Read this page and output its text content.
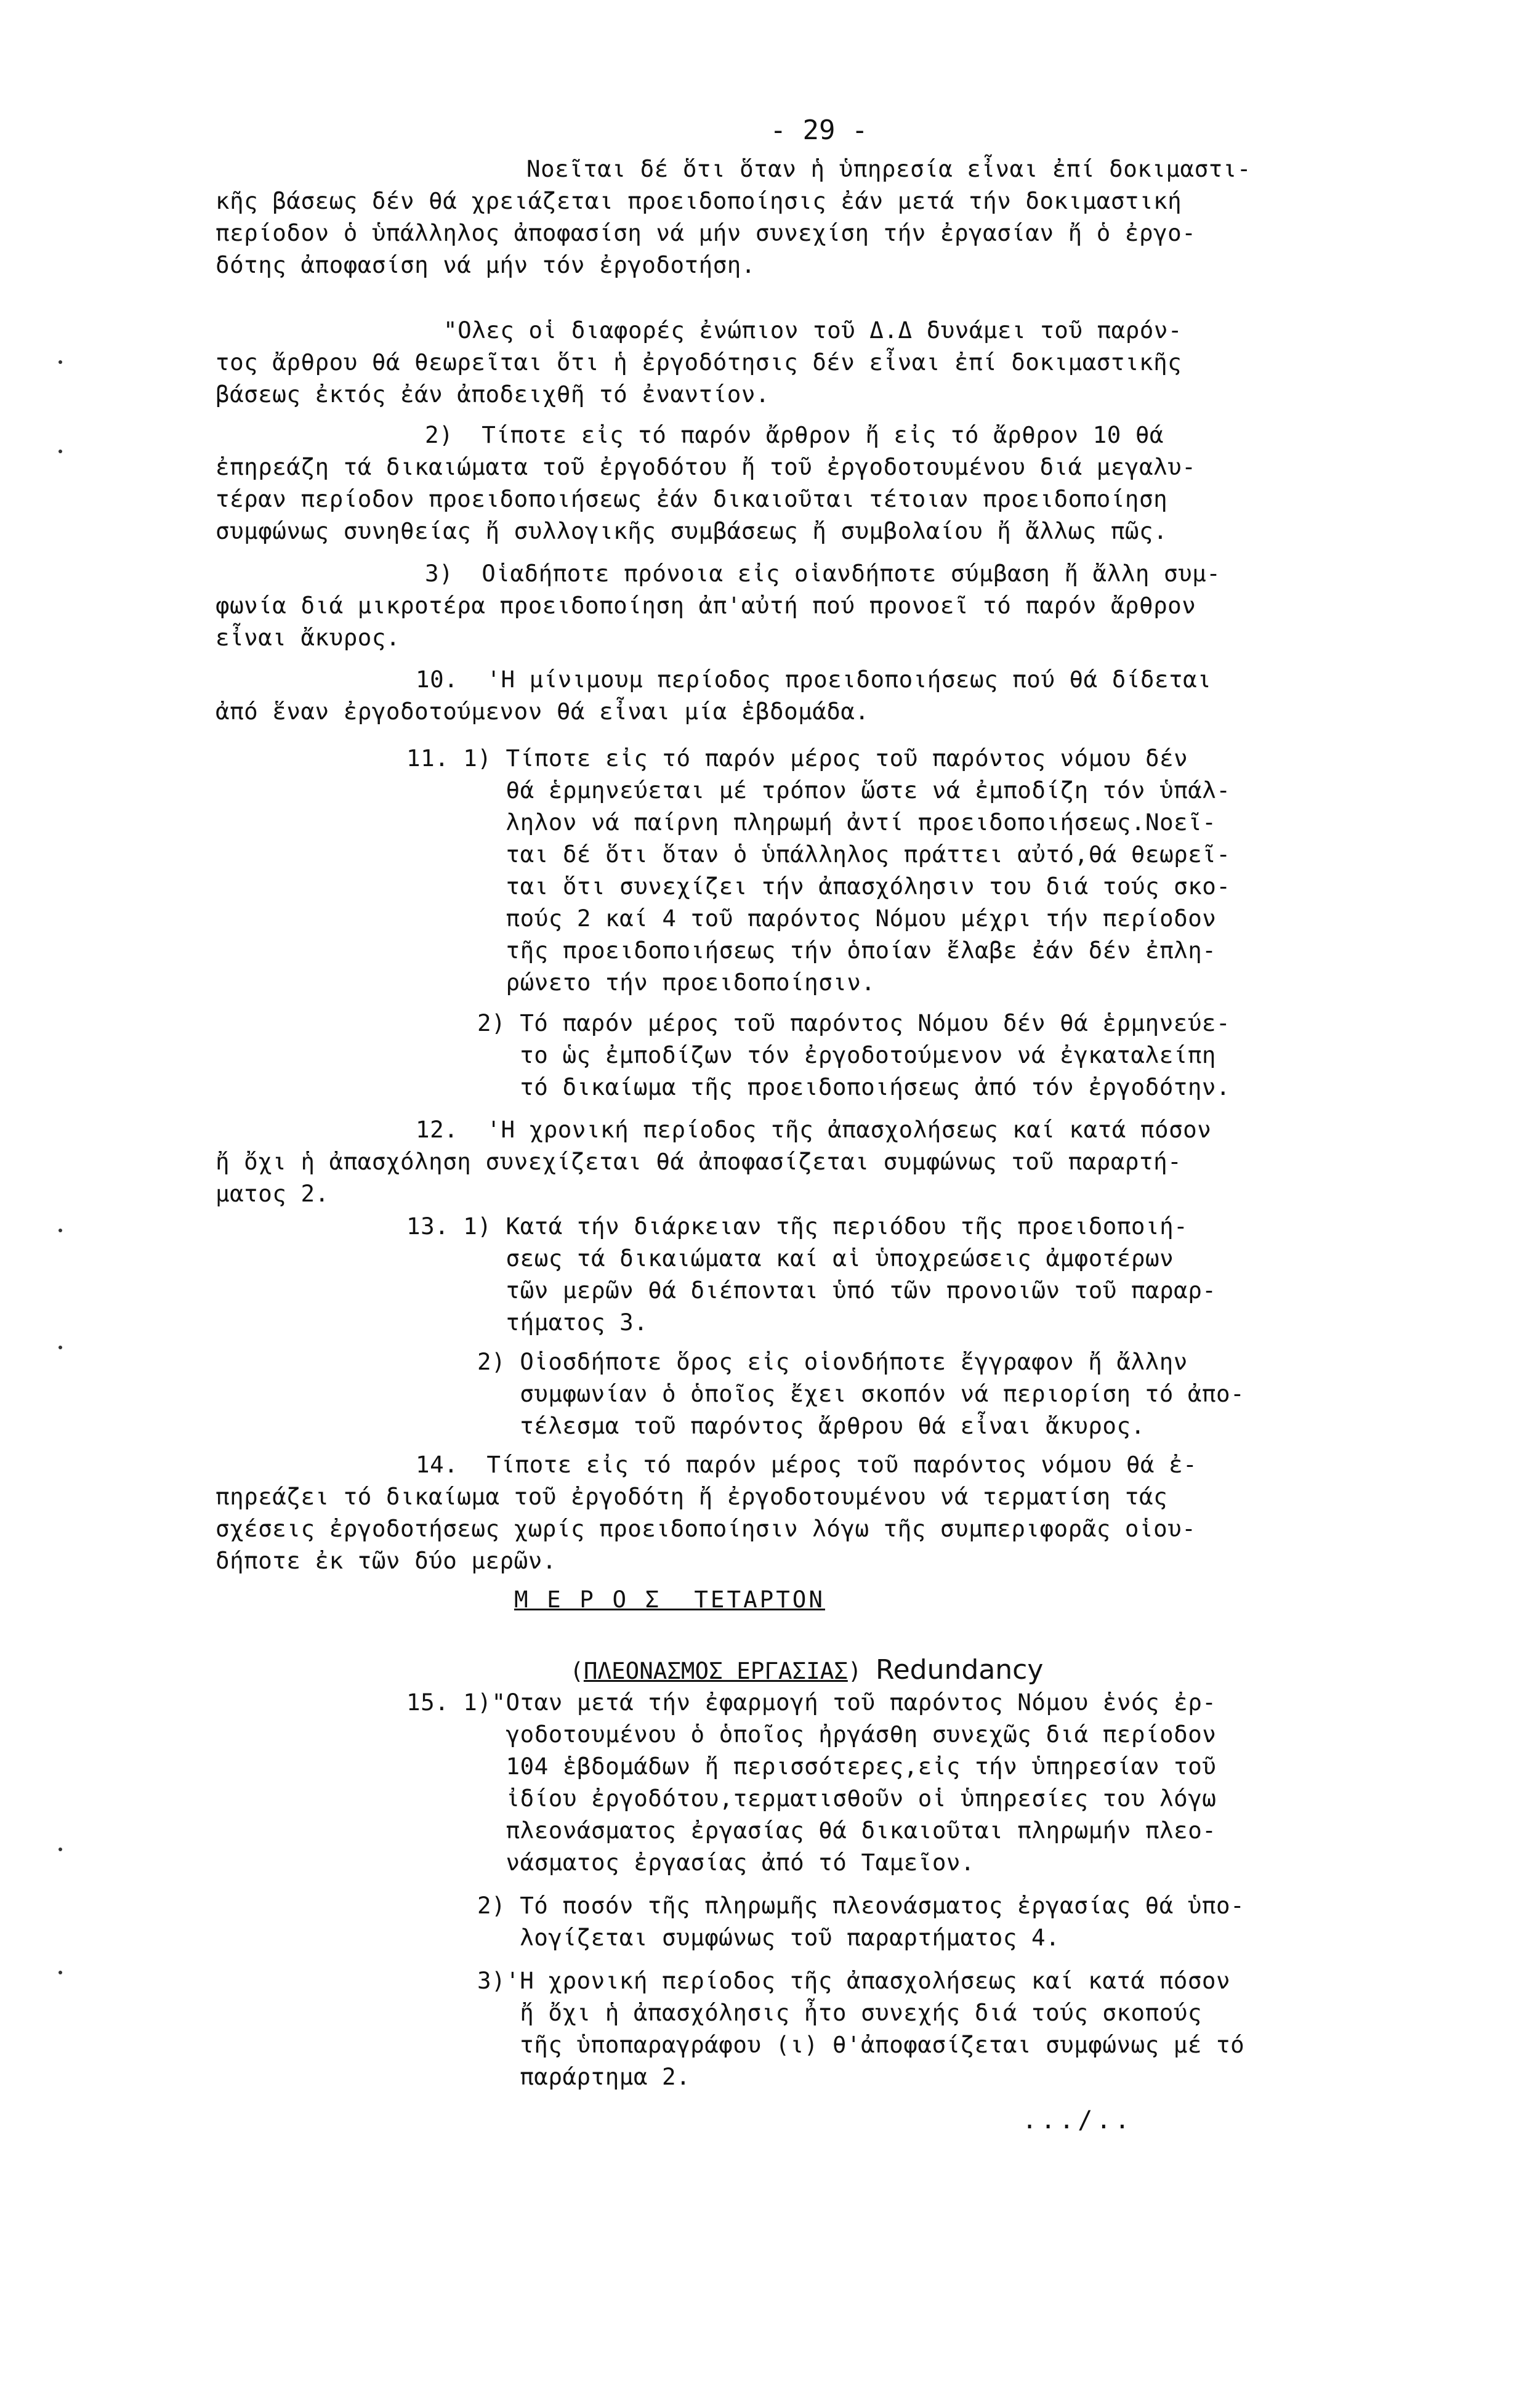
- 29 -
Νοεῖται δέ ὅτι ὅταν ἡ ὑπηρεσία εἶναι ἐπί δοκιμαστι-
κῆς βάσεως δέν θά χρειάζεται προειδοποίησις ἐάν μετά τήν δοκιμαστική
περίοδον ὁ ὑπάλληλος ἀποφασίση νά μήν συνεχίση τήν ἐργασίαν ἤ ὁ ἐργο-
δότης ἀποφασίση νά μήν τόν ἐργοδοτήση.
"Ολες οἱ διαφορές ἐνώπιον τοῦ Δ.Δ δυνάμει τοῦ παρόν-
τος ἄρθρου θά θεωρεῖται ὅτι ἡ ἐργοδότησις δέν εἶναι ἐπί δοκιμαστικῆς
βάσεως ἐκτός ἐάν ἀποδειχθῆ τό ἐναντίον.
2)  Τίποτε εἰς τό παρόν ἄρθρον ἤ εἰς τό ἄρθρον 10 θά
ἐπηρεάζη τά δικαιώματα τοῦ ἐργοδότου ἤ τοῦ ἐργοδοτουμένου διά μεγαλυ-
τέραν περίοδον προειδοποιήσεως ἐάν δικαιοῦται τέτοιαν προειδοποίηση
συμφώνως συνηθείας ἤ συλλογικῆς συμβάσεως ἤ συμβολαίου ἤ ἄλλως πῶς.
3)  Οἱαδήποτε πρόνοια εἰς οἱανδήποτε σύμβαση ἤ ἄλλη συμ-
φωνία διά μικροτέρα προειδοποίηση ἀπ'αὐτή πού προνοεῖ τό παρόν ἄρθρον
εἶναι ἄκυρος.
10.  'Η μίνιμουμ περίοδος προειδοποιήσεως πού θά δίδεται
ἀπό ἕναν ἐργοδοτούμενον θά εἶναι μία ἑβδομάδα.
11. 1) Τίποτε εἰς τό παρόν μέρος τοῦ παρόντος νόμου δέν
θά ἑρμηνεύεται μέ τρόπον ὥστε νά ἐμποδίζη τόν ὑπάλ-
ληλον νά παίρνη πληρωμή ἀντί προειδοποιήσεως.Νοεῖ-
ται δέ ὅτι ὅταν ὁ ὑπάλληλος πράττει αὐτό,θά θεωρεῖ-
ται ὅτι συνεχίζει τήν ἀπασχόλησιν του διά τούς σκο-
πούς 2 καί 4 τοῦ παρόντος Νόμου μέχρι τήν περίοδον
τῆς προειδοποιήσεως τήν ὁποίαν ἔλαβε ἐάν δέν ἐπλη-
ρώνετο τήν προειδοποίησιν.
2) Τό παρόν μέρος τοῦ παρόντος Νόμου δέν θά ἑρμηνεύε-
το ὡς ἐμποδίζων τόν ἐργοδοτούμενον νά ἐγκαταλείπη
τό δικαίωμα τῆς προειδοποιήσεως ἀπό τόν ἐργοδότην.
12.  'Η χρονική περίοδος τῆς ἀπασχολήσεως καί κατά πόσον
ἤ ὄχι ἡ ἀπασχόληση συνεχίζεται θά ἀποφασίζεται συμφώνως τοῦ παραρτή-
ματος 2.
13. 1) Κατά τήν διάρκειαν τῆς περιόδου τῆς προειδοποιή-
σεως τά δικαιώματα καί αἱ ὑποχρεώσεις ἀμφοτέρων
τῶν μερῶν θά διέπονται ὑπό τῶν προνοιῶν τοῦ παραρ-
τήματος 3.
2) Οἱοσδήποτε ὅρος εἰς οἱονδήποτε ἔγγραφον ἤ ἄλλην
συμφωνίαν ὁ ὁποῖος ἔχει σκοπόν νά περιορίση τό ἀπο-
τέλεσμα τοῦ παρόντος ἄρθρου θά εἶναι ἄκυρος.
14.  Τίποτε εἰς τό παρόν μέρος τοῦ παρόντος νόμου θά ἐ-
πηρεάζει τό δικαίωμα τοῦ ἐργοδότη ἤ ἐργοδοτουμένου νά τερματίση τάς
σχέσεις ἐργοδοτήσεως χωρίς προειδοποίησιν λόγω τῆς συμπεριφορᾶς οἱου-
δήποτε ἐκ τῶν δύο μερῶν.
Μ Ε Ρ Ο Σ  ΤΕΤΑΡΤΟΝ

(ΠΛΕΟΝΑΣΜΟΣ ΕΡΓΑΣΙΑΣ) Redundancy

15. 1)"Οταν μετά τήν ἐφαρμογή τοῦ παρόντος Νόμου ἑνός ἐρ-
γοδοτουμένου ὁ ὁποῖος ἠργάσθη συνεχῶς διά περίοδον
104 ἑβδομάδων ἤ περισσότερες,εἰς τήν ὑπηρεσίαν τοῦ
ἰδίου ἐργοδότου,τερματισθοῦν οἱ ὑπηρεσίες του λόγω
πλεονάσματος ἐργασίας θά δικαιοῦται πληρωμήν πλεο-
νάσματος ἐργασίας ἀπό τό Ταμεῖον.
2) Τό ποσόν τῆς πληρωμῆς πλεονάσματος ἐργασίας θά ὑπο-
λογίζεται συμφώνως τοῦ παραρτήματος 4.
3)'Η χρονική περίοδος τῆς ἀπασχολήσεως καί κατά πόσον
ἤ ὄχι ἡ ἀπασχόλησις ἦτο συνεχής διά τούς σκοπούς
τῆς ὑποπαραγράφου (ι) θ'ἀποφασίζεται συμφώνως μέ τό
παράρτημα 2.
.../..
